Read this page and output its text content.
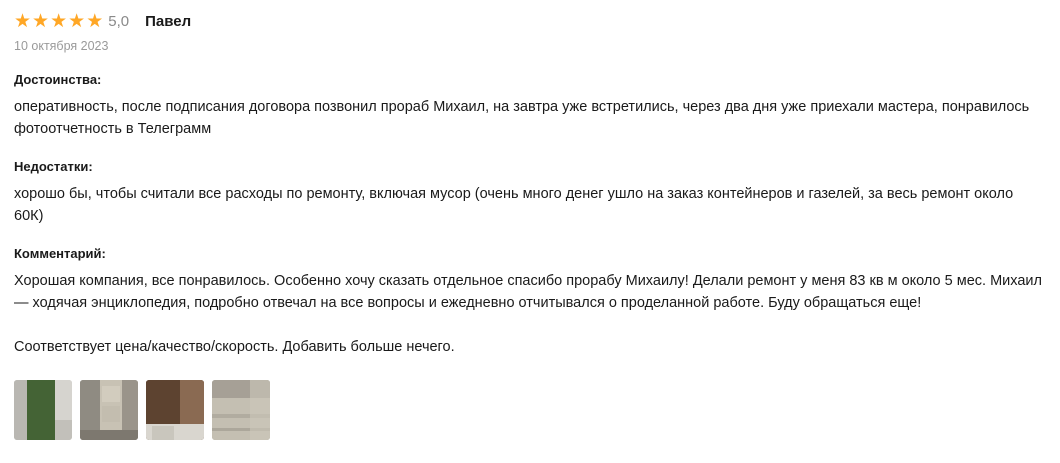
★ ★ ★ ★ ★ 5,0 Павел
10 октября 2023
Достоинства:

оперативность, после подписания договора позвонил прораб Михаил, на завтра уже встретились, через два дня уже приехали мастера, понравилось фотоотчетность в Телеграмм

Недостатки:

хорошо бы, чтобы считали все расходы по ремонту, включая мусор (очень много денег ушло на заказ контейнеров и газелей, за весь ремонт около 60К)

Комментарий:

Хорошая компания, все понравилось. Особенно хочу сказать отдельное спасибо прорабу Михаилу! Делали ремонт у меня 83 кв м около 5 мес. Михаил — ходячая энциклопедия, подробно отвечал на все вопросы и ежедневно отчитывался о проделанной работе. Буду обращаться еще!

Соответствует цена/качество/скорость. Добавить больше нечего.
